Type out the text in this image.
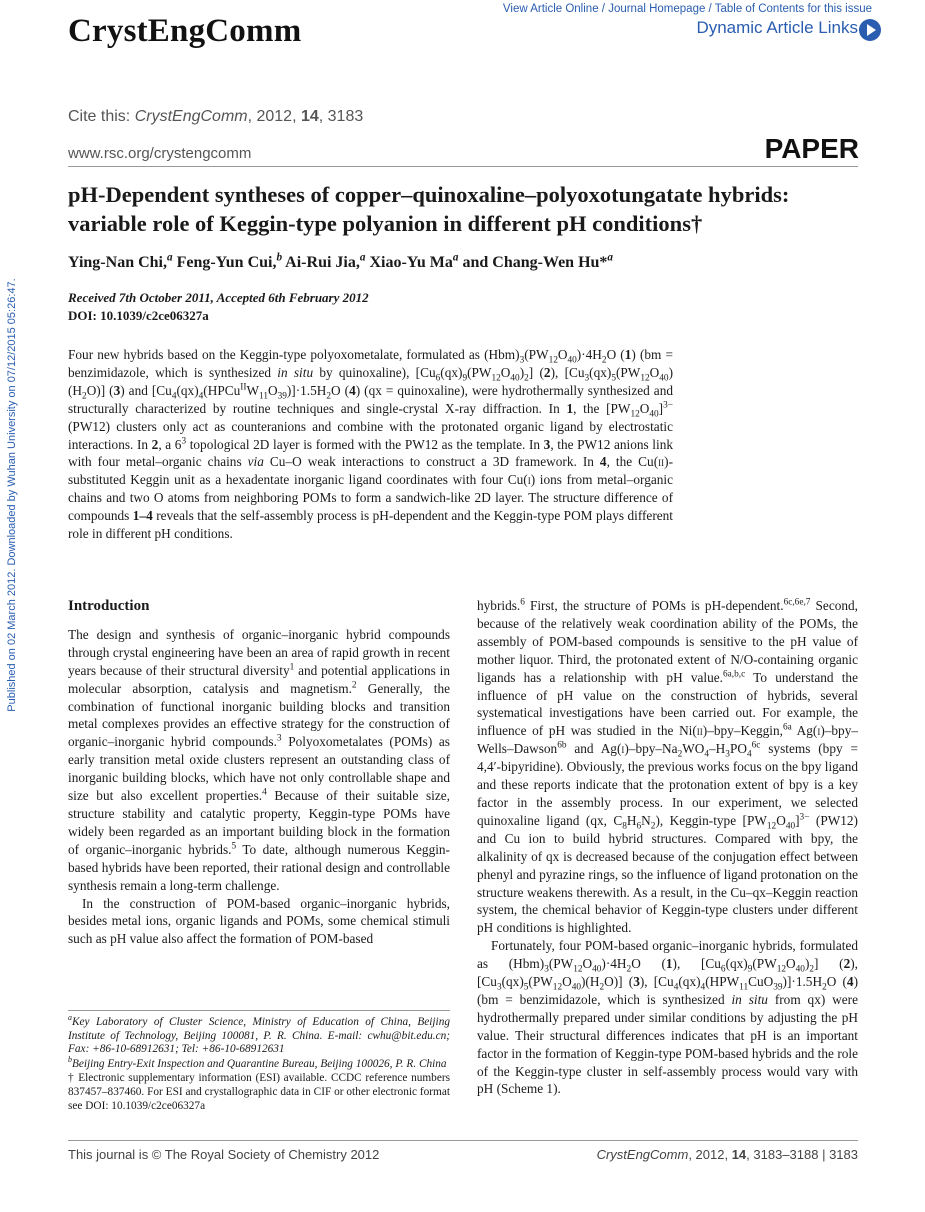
CrystEngComm
View Article Online / Journal Homepage / Table of Contents for this issue
Dynamic Article Links
Cite this: CrystEngComm, 2012, 14, 3183
www.rsc.org/crystengcomm	PAPER
Published on 02 March 2012. Downloaded by Wuhan University on 07/12/2015 05:26:47.
pH-Dependent syntheses of copper–quinoxaline–polyoxotungatate hybrids: variable role of Keggin-type polyanion in different pH conditions†
Ying-Nan Chi,$^a$ Feng-Yun Cui,$^b$ Ai-Rui Jia,$^a$ Xiao-Yu Ma$^a$ and Chang-Wen Hu*$^a$
Received 7th October 2011, Accepted 6th February 2012
DOI: 10.1039/c2ce06327a
Four new hybrids based on the Keggin-type polyoxometalate, formulated as $(Hbm)_3(PW_{12}O_{40})\cdot 4H_2O$ (1) (bm = benzimidazole, which is synthesized in situ by quinoxaline), $[Cu_6(qx)_9(PW_{12}O_{40})_2]$ (2), $[Cu_3(qx)_5(PW_{12}O_{40})(H_2O)]$ (3) and $[Cu_4(qx)_4(HPCu^{II}W_{11}O_{39})]\cdot 1.5H_2O$ (4) (qx = quinoxaline), were hydrothermally synthesized and structurally characterized by routine techniques and single-crystal X-ray diffraction. In 1, the $[PW_{12}O_{40}]^{3-}$ (PW12) clusters only act as counteranions and combine with the protonated organic ligand by electrostatic interactions. In 2, a $6^3$ topological 2D layer is formed with the PW12 as the template. In 3, the PW12 anions link with four metal–organic chains via Cu–O weak interactions to construct a 3D framework. In 4, the Cu(ii)-substituted Keggin unit as a hexadentate inorganic ligand coordinates with four Cu(i) ions from metal–organic chains and two O atoms from neighboring POMs to form a sandwich-like 2D layer. The structure difference of compounds 1–4 reveals that the self-assembly process is pH-dependent and the Keggin-type POM plays different role in different pH conditions.
Introduction

The design and synthesis of organic–inorganic hybrid compounds through crystal engineering have been an area of rapid growth in recent years because of their structural diversity$^1$ and potential applications in molecular absorption, catalysis and magnetism.$^2$ Generally, the combination of functional inorganic building blocks and transition metal complexes provides an effective strategy for the construction of organic–inorganic hybrid compounds.$^3$ Polyoxometalates (POMs) as early transition metal oxide clusters represent an outstanding class of inorganic building blocks, which have not only controllable shape and size but also excellent properties.$^4$ Because of their suitable size, structure stability and catalytic property, Keggin-type POMs have widely been regarded as an important building block in the formation of organic–inorganic hybrids.$^5$ To date, although numerous Keggin-based hybrids have been reported, their rational design and controllable synthesis remain a long-term challenge.

In the construction of POM-based organic–inorganic hybrids, besides metal ions, organic ligands and POMs, some chemical stimuli such as pH value also affect the formation of POM-based

$^a$Key Laboratory of Cluster Science, Ministry of Education of China, Beijing Institute of Technology, Beijing 100081, P. R. China. E-mail: cwhu@bit.edu.cn; Fax: +86-10-68912631; Tel: +86-10-68912631

$^b$Beijing Entry-Exit Inspection and Quarantine Bureau, Beijing 100026, P. R. China

† Electronic supplementary information (ESI) available. CCDC reference numbers 837457–837460. For ESI and crystallographic data in CIF or other electronic format see DOI: 10.1039/c2ce06327a

hybrids.$^6$ First, the structure of POMs is pH-dependent.$^{6c,6e,7}$ Second, because of the relatively weak coordination ability of the POMs, the assembly of POM-based compounds is sensitive to the pH value of mother liquor. Third, the protonated extent of N/O-containing organic ligands has a relationship with pH value.$^{6a,b,c}$ To understand the influence of pH value on the construction of hybrids, several systematical investigations have been carried out. For example, the influence of pH was studied in the Ni(ii)–bpy–Keggin,$^{6a}$ Ag(i)–bpy–Wells–Dawson$^{6b}$ and $Ag(i)-bpy-Na_2WO_4-H_3PO_4^{6c}$ systems (bpy = 4,4′-bipyridine). Obviously, the previous works focus on the bpy ligand and these reports indicate that the protonation extent of bpy is a key factor in the assembly process. In our experiment, we selected quinoxaline ligand (qx, $C_8H_6N_2$), Keggin-type $[PW_{12}O_{40}]^{3-}$ (PW12) and Cu ion to build hybrid structures. Compared with bpy, the alkalinity of qx is decreased because of the conjugation effect between phenyl and pyrazine rings, so the influence of ligand protonation on the structure weakens therewith. As a result, in the Cu–qx–Keggin reaction system, the chemical behavior of Keggin-type clusters under different pH conditions is highlighted.

Fortunately, four POM-based organic–inorganic hybrids, formulated as $(Hbm)_3(PW_{12}O_{40})\cdot 4H_2O$ (1), $[Cu_6(qx)_9(PW_{12}O_{40})_2]$ (2), $[Cu_3(qx)_5(PW_{12}O_{40})(H_2O)]$ (3), $[Cu_4(qx)_4(HPW_{11}CuO_{39})]\cdot 1.5H_2O$ (4) (bm = benzimidazole, which is synthesized in situ from qx) were hydrothermally prepared under similar conditions by adjusting the pH value. Their structural differences indicates that pH is an important factor in the formation of Keggin-type POM-based hybrids and the role of the Keggin-type cluster in self-assembly process would vary with pH (Scheme 1).

This journal is © The Royal Society of Chemistry 2012	CrystEngComm, 2012, 14, 3183–3188 | 3183
